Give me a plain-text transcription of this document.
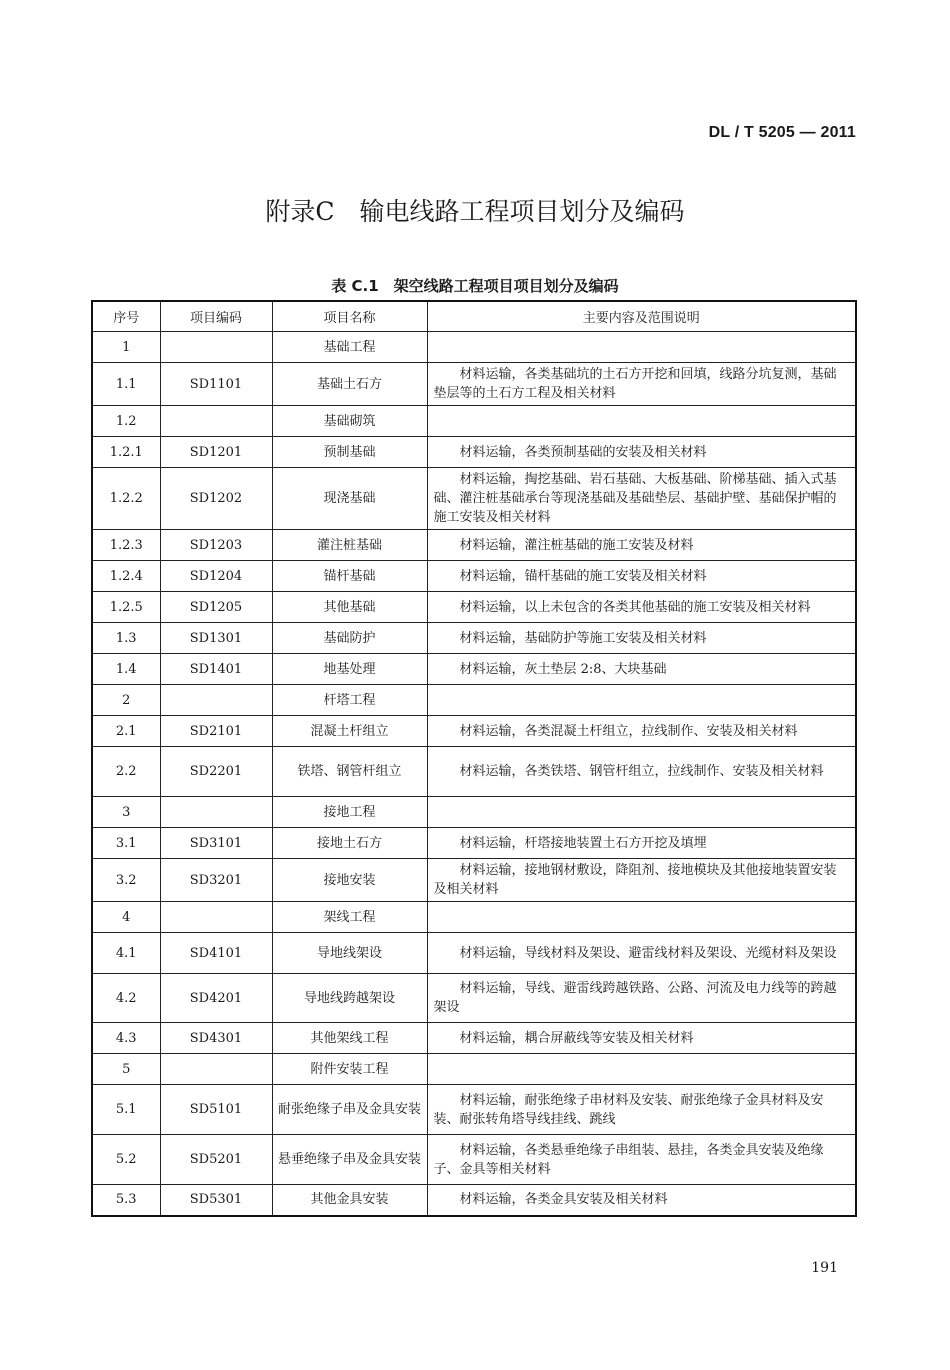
DL / T 5205 — 2011
附录C　输电线路工程项目划分及编码
表 C.1　架空线路工程项目项目划分及编码
序号	项目编码	项目名称	主要内容及范围说明
1		基础工程	
1.1	SD1101	基础土石方	材料运输，各类基础坑的土石方开挖和回填，线路分坑复测，基础垫层等的土石方工程及相关材料
1.2		基础砌筑	
1.2.1	SD1201	预制基础	材料运输，各类预制基础的安装及相关材料
1.2.2	SD1202	现浇基础	材料运输，掏挖基础、岩石基础、大板基础、阶梯基础、插入式基础、灌注桩基础承台等现浇基础及基础垫层、基础护壁、基础保护帽的施工安装及相关材料
1.2.3	SD1203	灌注桩基础	材料运输，灌注桩基础的施工安装及材料
1.2.4	SD1204	锚杆基础	材料运输，锚杆基础的施工安装及相关材料
1.2.5	SD1205	其他基础	材料运输，以上未包含的各类其他基础的施工安装及相关材料
1.3	SD1301	基础防护	材料运输，基础防护等施工安装及相关材料
1.4	SD1401	地基处理	材料运输，灰土垫层 2:8、大块基础
2		杆塔工程	
2.1	SD2101	混凝土杆组立	材料运输，各类混凝土杆组立，拉线制作、安装及相关材料
2.2	SD2201	铁塔、钢管杆组立	材料运输，各类铁塔、钢管杆组立，拉线制作、安装及相关材料
3		接地工程	
3.1	SD3101	接地土石方	材料运输，杆塔接地装置土石方开挖及填埋
3.2	SD3201	接地安装	材料运输，接地钢材敷设，降阻剂、接地模块及其他接地装置安装及相关材料
4		架线工程	
4.1	SD4101	导地线架设	材料运输，导线材料及架设、避雷线材料及架设、光缆材料及架设
4.2	SD4201	导地线跨越架设	材料运输，导线、避雷线跨越铁路、公路、河流及电力线等的跨越架设
4.3	SD4301	其他架线工程	材料运输，耦合屏蔽线等安装及相关材料
5		附件安装工程	
5.1	SD5101	耐张绝缘子串及金具安装	材料运输，耐张绝缘子串材料及安装、耐张绝缘子金具材料及安装、耐张转角塔导线挂线、跳线
5.2	SD5201	悬垂绝缘子串及金具安装	材料运输，各类悬垂绝缘子串组装、悬挂，各类金具安装及绝缘子、金具等相关材料
5.3	SD5301	其他金具安装	材料运输，各类金具安装及相关材料
191
